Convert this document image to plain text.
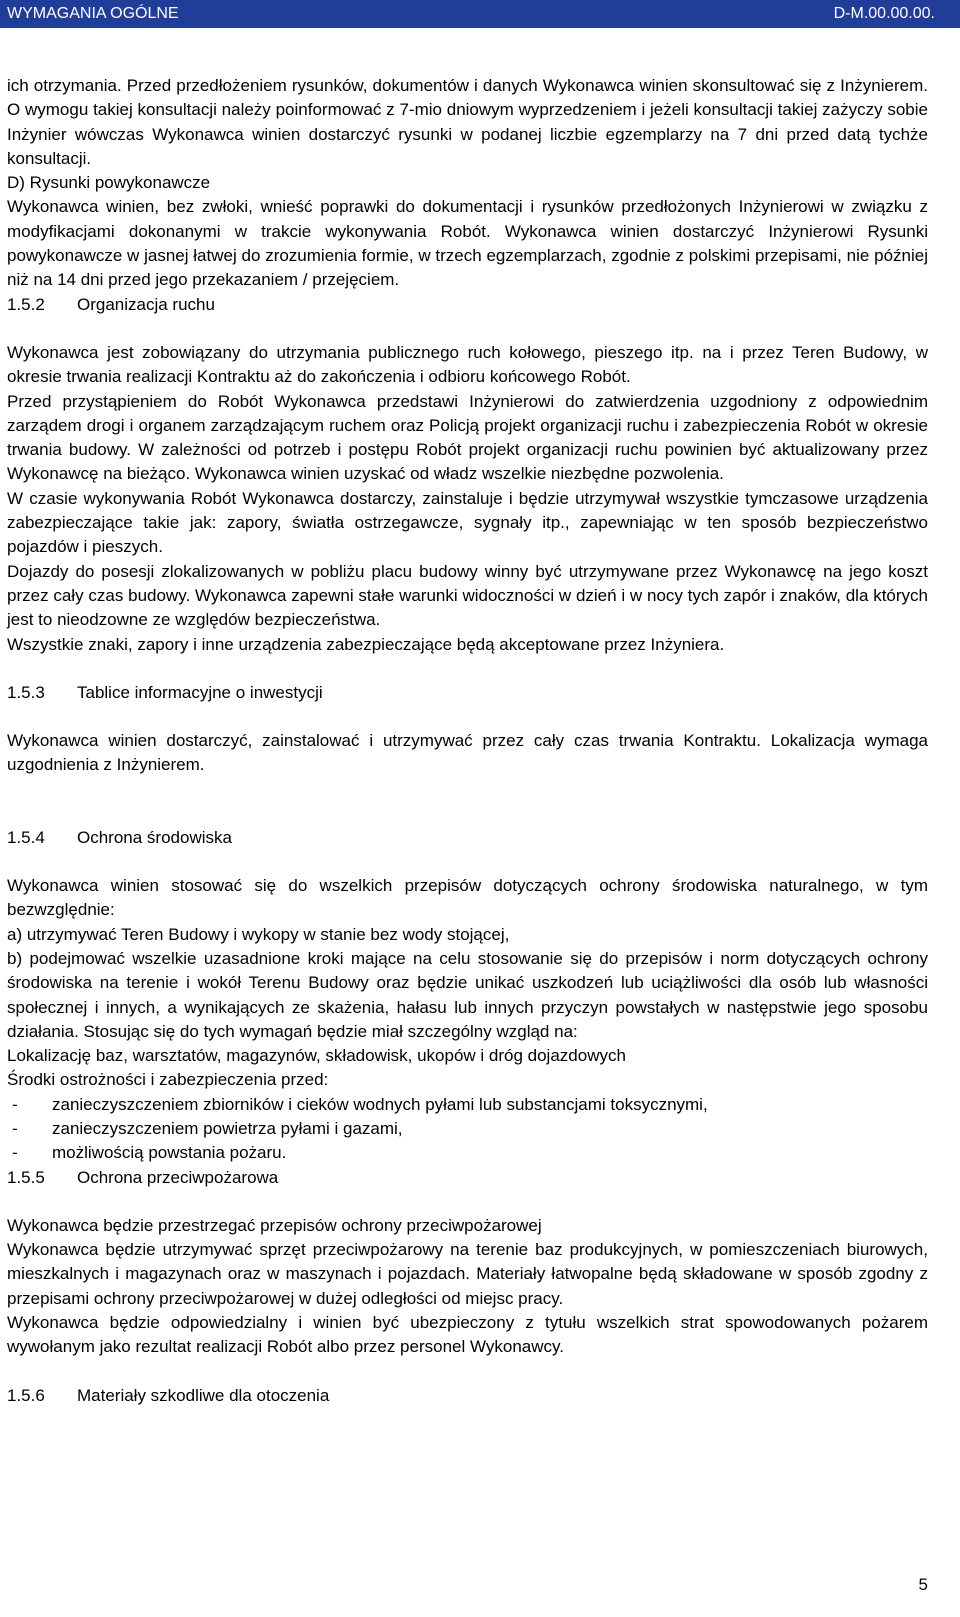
WYMAGANIA OGÓLNE	D-M.00.00.00.

ich otrzymania. Przed przedłożeniem rysunków, dokumentów i danych Wykonawca winien skonsultować się z Inżynierem. O wymogu takiej konsultacji należy poinformować z 7-mio dniowym wyprzedzeniem i jeżeli konsultacji takiej zażyczy sobie Inżynier wówczas Wykonawca winien dostarczyć rysunki w podanej liczbie egzemplarzy na 7 dni przed datą tychże konsultacji.

D) Rysunki powykonawcze

Wykonawca winien, bez zwłoki, wnieść poprawki do dokumentacji i rysunków przedłożonych Inżynierowi w związku z modyfikacjami dokonanymi w trakcie wykonywania Robót. Wykonawca winien dostarczyć Inżynierowi Rysunki powykonawcze w jasnej łatwej do zrozumienia formie, w trzech egzemplarzach, zgodnie z polskimi przepisami, nie później niż na 14 dni przed jego przekazaniem / przejęciem.

1.5.2	Organizacja ruchu

Wykonawca jest zobowiązany do utrzymania publicznego ruch kołowego, pieszego itp. na i przez Teren Budowy, w okresie trwania realizacji Kontraktu aż do zakończenia i odbioru końcowego Robót.

Przed przystąpieniem do Robót Wykonawca przedstawi Inżynierowi do zatwierdzenia uzgodniony z odpowiednim zarządem drogi i organem zarządzającym ruchem oraz Policją projekt organizacji ruchu i zabezpieczenia Robót w okresie trwania budowy. W zależności od potrzeb i postępu Robót projekt organizacji ruchu powinien być aktualizowany przez Wykonawcę na bieżąco. Wykonawca winien uzyskać od władz wszelkie niezbędne pozwolenia.

W czasie wykonywania Robót Wykonawca dostarczy, zainstaluje i będzie utrzymywał wszystkie tymczasowe urządzenia zabezpieczające takie jak: zapory, światła ostrzegawcze, sygnały itp., zapewniając w ten sposób bezpieczeństwo pojazdów i pieszych.

Dojazdy do posesji zlokalizowanych w pobliżu placu budowy winny być utrzymywane przez Wykonawcę na jego koszt przez cały czas budowy. Wykonawca zapewni stałe warunki widoczności w dzień i w nocy tych zapór i znaków, dla których jest to nieodzowne ze względów bezpieczeństwa.

Wszystkie znaki, zapory i inne urządzenia zabezpieczające będą akceptowane przez Inżyniera.

1.5.3	Tablice informacyjne o inwestycji

Wykonawca winien dostarczyć, zainstalować i utrzymywać przez cały czas trwania Kontraktu. Lokalizacja wymaga uzgodnienia z Inżynierem.

1.5.4	Ochrona środowiska

Wykonawca winien stosować się do wszelkich przepisów dotyczących ochrony środowiska naturalnego, w tym bezwzględnie:

a) utrzymywać Teren Budowy i wykopy w stanie bez wody stojącej,

b) podejmować wszelkie uzasadnione kroki mające na celu stosowanie się do przepisów i norm dotyczących ochrony środowiska na terenie i wokół Terenu Budowy oraz będzie unikać uszkodzeń lub uciążliwości dla osób lub własności społecznej i innych, a wynikających ze skażenia, hałasu lub innych przyczyn powstałych w następstwie jego sposobu działania. Stosując się do tych wymagań będzie miał szczególny wzgląd na:

Lokalizację baz, warsztatów, magazynów, składowisk, ukopów i dróg dojazdowych

Środki ostrożności i zabezpieczenia przed:

-	zanieczyszczeniem zbiorników i cieków wodnych pyłami lub substancjami toksycznymi,
-	zanieczyszczeniem powietrza pyłami i gazami,
-	możliwością powstania pożaru.
1.5.5	Ochrona przeciwpożarowa

Wykonawca będzie przestrzegać przepisów ochrony przeciwpożarowej

Wykonawca będzie utrzymywać sprzęt przeciwpożarowy na terenie baz produkcyjnych, w pomieszczeniach biurowych, mieszkalnych i magazynach oraz w maszynach i pojazdach. Materiały łatwopalne będą składowane w sposób zgodny z przepisami ochrony przeciwpożarowej w dużej odległości od miejsc pracy.

Wykonawca będzie odpowiedzialny i winien być ubezpieczony z tytułu wszelkich strat spowodowanych pożarem wywołanym jako rezultat realizacji Robót albo przez personel Wykonawcy.

1.5.6	Materiały szkodliwe dla otoczenia
5
